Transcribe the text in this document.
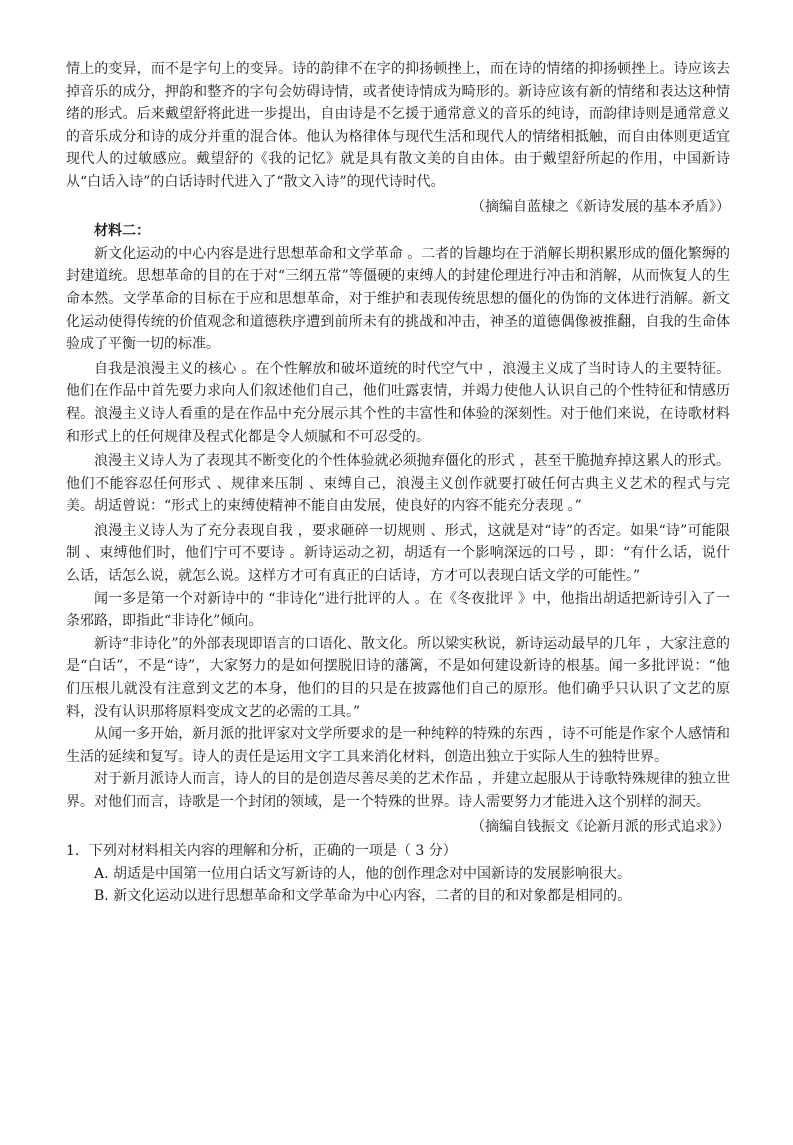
情上的变异，而不是字句上的变异。诗的韵律不在字的抑扬顿挫上，而在诗的情绪的抑扬顿挫上。诗应该去掉音乐的成分，押韵和整齐的字句会妨碍诗情，或者使诗情成为畸形的。新诗应该有新的情绪和表达这种情绪的形式。后来戴望舒将此进一步提出，自由诗是不乞援于通常意义的音乐的纯诗，而韵律诗则是通常意义的音乐成分和诗的成分并重的混合体。他认为格律体与现代生活和现代人的情绪相抵触，而自由体则更适宜现代人的过敏感应。戴望舒的《我的记忆》就是具有散文美的自由体。由于戴望舒所起的作用，中国新诗从“白话入诗”的白话诗时代进入了“散文入诗”的现代诗时代。

（摘编自蓝棣之《新诗发展的基本矛盾》）

材料二：

新文化运动的中心内容是进行思想革命和文学革命 。二者的旨趣均在于消解长期积累形成的僵化繁缛的封建道统。思想革命的目的在于对“三纲五常”等僵硬的束缚人的封建伦理进行冲击和消解，从而恢复人的生命本然。文学革命的目标在于应和思想革命，对于维护和表现传统思想的僵化的伪饰的文体进行消解。新文化运动使得传统的价值观念和道德秩序遭到前所未有的挑战和冲击，神圣的道德偶像被推翻，自我的生命体验成了平衡一切的标准。

自我是浪漫主义的核心 。在个性解放和破坏道统的时代空气中 ，浪漫主义成了当时诗人的主要特征。他们在作品中首先要力求向人们叙述他们自己，他们吐露衷情，并竭力使他人认识自己的个性特征和情感历程。浪漫主义诗人看重的是在作品中充分展示其个性的丰富性和体验的深刻性。对于他们来说，在诗歌材料和形式上的任何规律及程式化都是令人烦腻和不可忍受的。

浪漫主义诗人为了表现其不断变化的个性体验就必须抛弃僵化的形式 ，甚至干脆抛弃掉这累人的形式。他们不能容忍任何形式 、规律来压制 、束缚自己，浪漫主义创作就要打破任何古典主义艺术的程式与完美。胡适曾说：“形式上的束缚使精神不能自由发展，使良好的内容不能充分表现 。”

浪漫主义诗人为了充分表现自我 ，要求砸碎一切规则 、形式，这就是对“诗”的否定。如果“诗”可能限制 、束缚他们时，他们宁可不要诗 。新诗运动之初，胡适有一个影响深远的口号 ，即：“有什么话，说什么话，话怎么说，就怎么说。这样方才可有真正的白话诗，方才可以表现白话文学的可能性。”

闻一多是第一个对新诗中的 “非诗化”进行批评的人 。在《冬夜批评 》中，他指出胡适把新诗引入了一条邪路，即指此“非诗化”倾向。

新诗“非诗化”的外部表现即语言的口语化、散文化。所以梁实秋说，新诗运动最早的几年 ，大家注意的是“白话”，不是“诗”，大家努力的是如何摆脱旧诗的藩篱，不是如何建设新诗的根基。闻一多批评说：“他们压根儿就没有注意到文艺的本身，他们的目的只是在披露他们自己的原形。他们确乎只认识了文艺的原料，没有认识那将原料变成文艺的必需的工具。”

从闻一多开始，新月派的批评家对文学所要求的是一种纯粹的特殊的东西 ，诗不可能是作家个人感情和生活的延续和复写。诗人的责任是运用文字工具来消化材料，创造出独立于实际人生的独特世界。

对于新月派诗人而言，诗人的目的是创造尽善尽美的艺术作品 ，并建立起服从于诗歌特殊规律的独立世界。对他们而言，诗歌是一个封闭的领域，是一个特殊的世界。诗人需要努力才能进入这个别样的洞天。

（摘编自钱振文《论新月派的形式追求》）

1．下列对材料相关内容的理解和分析，正确的一项是（ 3 分）

A. 胡适是中国第一位用白话文写新诗的人，他的创作理念对中国新诗的发展影响很大。

B. 新文化运动以进行思想革命和文学革命为中心内容，二者的目的和对象都是相同的。
